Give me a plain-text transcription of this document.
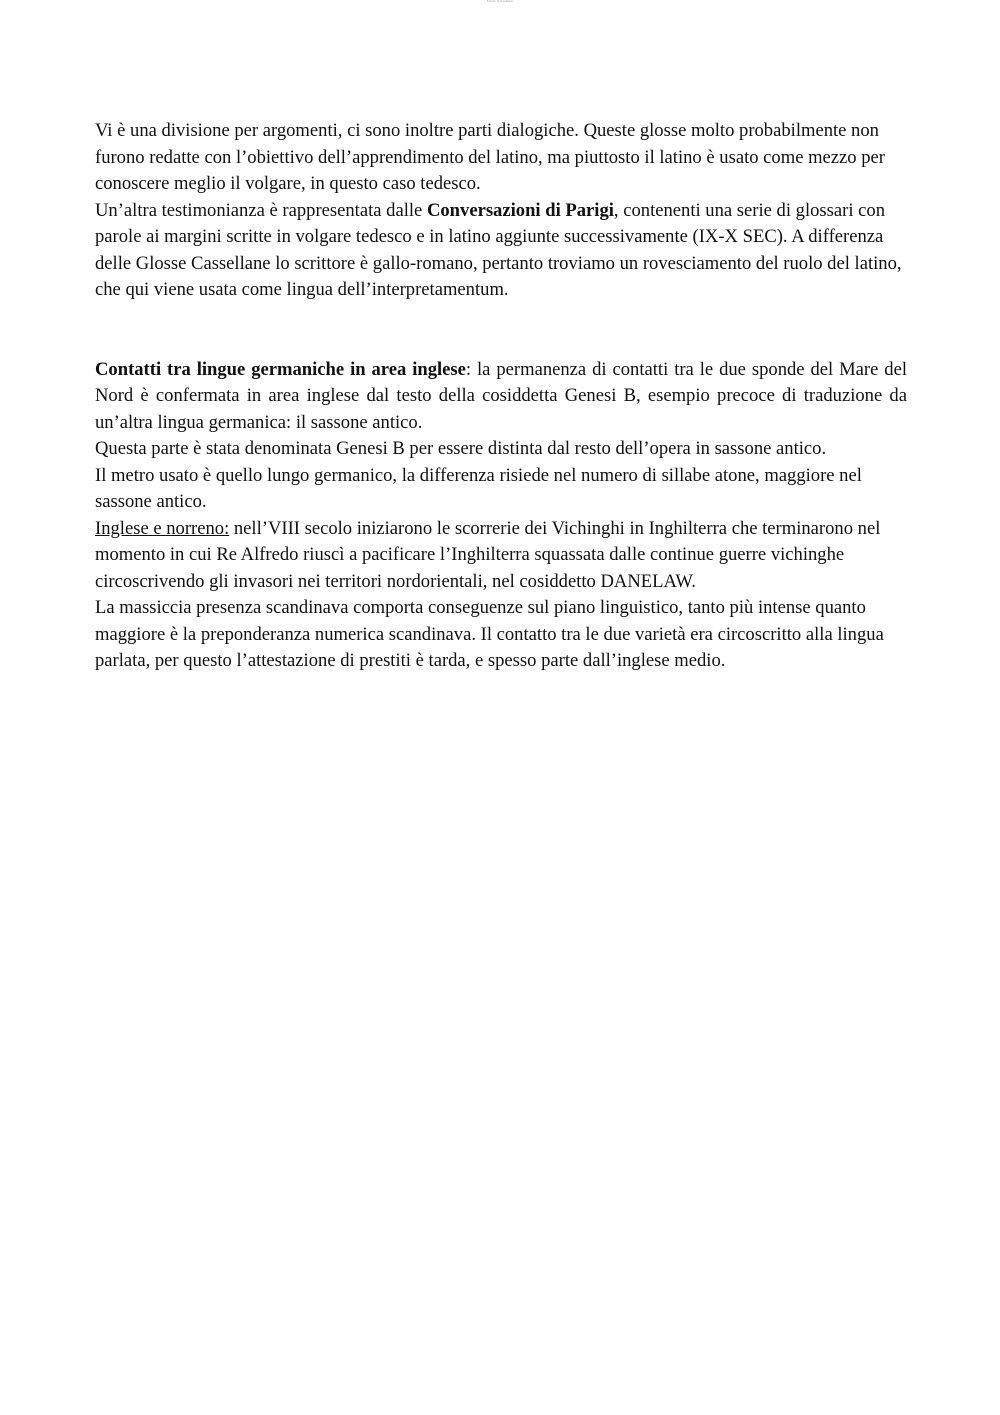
Estratto di documento

Vi è una divisione per argomenti, ci sono inoltre parti dialogiche. Queste glosse molto probabilmente non furono redatte con l’obiettivo dell’apprendimento del latino, ma piuttosto il latino è usato come mezzo per conoscere meglio il volgare, in questo caso tedesco.

Un’altra testimonianza è rappresentata dalle Conversazioni di Parigi, contenenti una serie di glossari con parole ai margini scritte in volgare tedesco e in latino aggiunte successivamente (IX-X SEC). A differenza delle Glosse Cassellane lo scrittore è gallo-romano, pertanto troviamo un rovesciamento del ruolo del latino, che qui viene usata come lingua dell’interpretamentum.

Contatti tra lingue germaniche in area inglese: la permanenza di contatti tra le due sponde del Mare del Nord è confermata in area inglese dal testo della cosiddetta Genesi B, esempio precoce di traduzione da un’altra lingua germanica: il sassone antico.

Questa parte è stata denominata Genesi B per essere distinta dal resto dell’opera in sassone antico.

Il metro usato è quello lungo germanico, la differenza risiede nel numero di sillabe atone, maggiore nel sassone antico.

Inglese e norreno: nell’VIII secolo iniziarono le scorrerie dei Vichinghi in Inghilterra che terminarono nel momento in cui Re Alfredo riuscì a pacificare l’Inghilterra squassata dalle continue guerre vichinghe circoscrivendo gli invasori nei territori nordorientali, nel cosiddetto DANELAW.

La massiccia presenza scandinava comporta conseguenze sul piano linguistico, tanto più intense quanto maggiore è la preponderanza numerica scandinava. Il contatto tra le due varietà era circoscritto alla lingua parlata, per questo l’attestazione di prestiti è tarda, e spesso parte dall’inglese medio.
